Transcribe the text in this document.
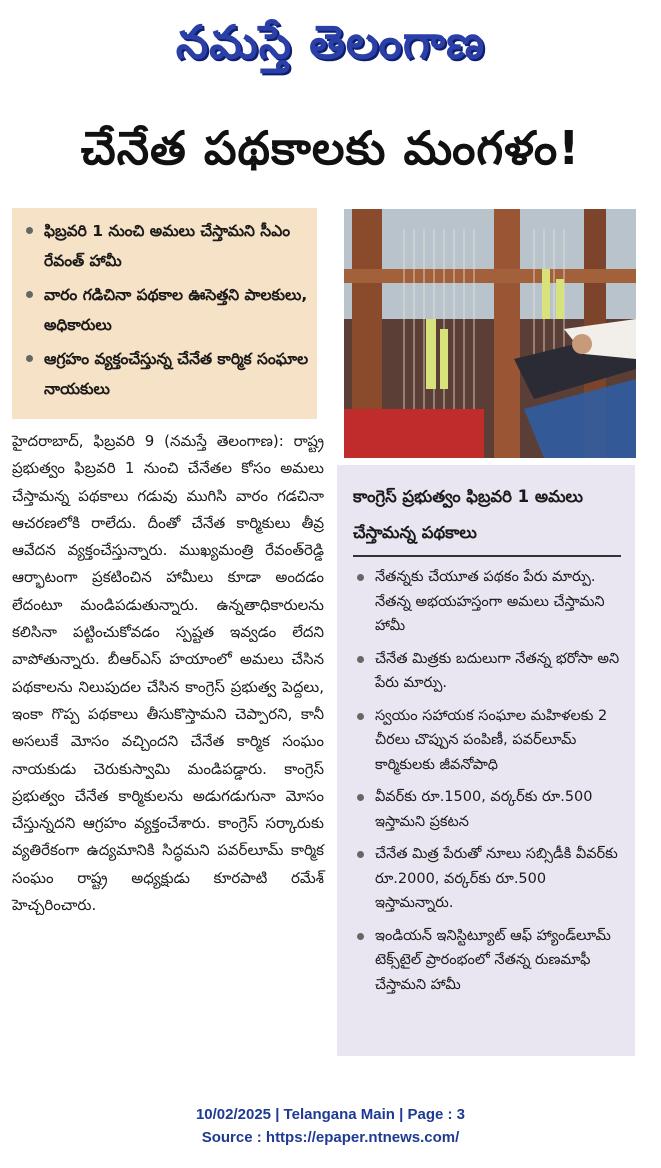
నమస్తే తెలంగాణ
చేనేత పథకాలకు మంగళం!
ఫిబ్రవరి 1 నుంచి అమలు చేస్తామని సీఎం రేవంత్ హామీ
వారం గడిచినా పథకాల ఊసెత్తని పాలకులు, అధికారులు
ఆగ్రహం వ్యక్తంచేస్తున్న చేనేత కార్మిక సంఘాల నాయకులు
హైదరాబాద్, ఫిబ్రవరి 9 (నమస్తే తెలంగాణ): రాష్ట్ర ప్రభుత్వం ఫిబ్రవరి 1 నుంచి చేనేతల కోసం అమలు చేస్తామన్న పథకాలు గడువు ముగిసి వారం గడచినా ఆచరణలోకి రాలేదు. దీంతో చేనేత కార్మికులు తీవ్ర ఆవేదన వ్యక్తంచేస్తున్నారు. ముఖ్యమంత్రి రేవంత్‌రెడ్డి ఆర్భాటంగా ప్రకటించిన హామీలు కూడా అందడం లేదంటూ మండిపడుతున్నారు. ఉన్నతాధికారులను కలిసినా పట్టించుకోవడం స్పష్టత ఇవ్వడం లేదని వాపోతున్నారు. బీఆర్‌ఎస్ హయాంలో అమలు చేసిన పథకాలను నిలుపుదల చేసిన కాంగ్రెస్ ప్రభుత్వ పెద్దలు, ఇంకా గొప్ప పథకాలు తీసుకొస్తామని చెప్పారని, కానీ అసలుకే మోసం వచ్చిందని చేనేత కార్మిక సంఘం నాయకుడు చెరుకుస్వామి మండిపడ్డారు. కాంగ్రెస్ ప్రభుత్వం చేనేత కార్మికులను అడుగడుగునా మోసం చేస్తున్నదని ఆగ్రహం వ్యక్తంచేశారు. కాంగ్రెస్ సర్కారుకు వ్యతిరేకంగా ఉద్యమానికి సిద్ధమని పవర్‌లూమ్ కార్మిక సంఘం రాష్ట్ర అధ్యక్షుడు కూరపాటి రమేశ్ హెచ్చరించారు.
కాంగ్రెస్ ప్రభుత్వం ఫిబ్రవరి 1 అమలు చేస్తామన్న పథకాలు
నేతన్నకు చేయూత పథకం పేరు మార్పు. నేతన్న అభయహస్తంగా అమలు చేస్తామని హామీ
చేనేత మిత్రకు బదులుగా నేతన్న భరోసా అని పేరు మార్పు.
స్వయం సహాయక సంఘాల మహిళలకు 2 చీరలు చొప్పున పంపిణీ, పవర్‌లూమ్ కార్మికులకు జీవనోపాధి
వీవర్‌కు రూ.1500, వర్కర్‌కు రూ.500 ఇస్తామని ప్రకటన
చేనేత మిత్ర పేరుతో నూలు సబ్సిడీకి వీవర్‌కు రూ.2000, వర్కర్‌కు రూ.500 ఇస్తామన్నారు.
ఇండియన్ ఇనిస్టిట్యూట్ ఆఫ్ హ్యాండ్‌లూమ్ టెక్స్‌టైల్ ప్రారంభంలో నేతన్న రుణమాఫీ చేస్తామని హామీ
10/02/2025 | Telangana Main | Page : 3
Source : https://epaper.ntnews.com/
